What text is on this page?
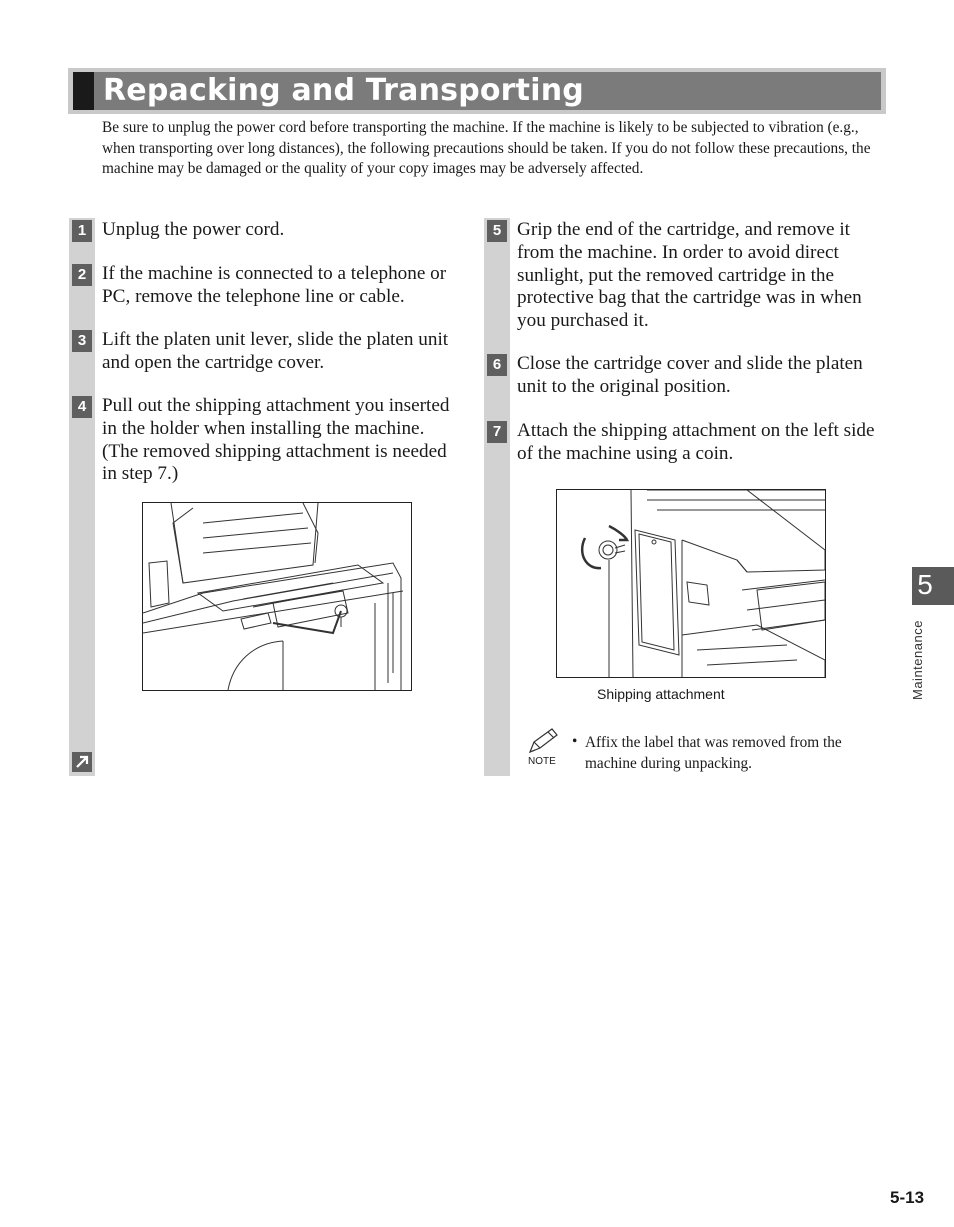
Repacking and Transporting
Be sure to unplug the power cord before transporting the machine. If the machine is likely to be subjected to vibration (e.g., when transporting over long distances), the following precautions should be taken. If you do not follow these precautions, the machine may be damaged or the quality of your copy images may be adversely affected.
1 Unplug the power cord.
2 If the machine is connected to a telephone or PC, remove the telephone line or cable.
3 Lift the platen unit lever, slide the platen unit and open the cartridge cover.
4 Pull out the shipping attachment you inserted in the holder when installing the machine. (The removed shipping attachment is needed in step 7.)
5 Grip the end of the cartridge, and remove it from the machine. In order to avoid direct sunlight, put the removed cartridge in the protective bag that the cartridge was in when you purchased it.
6 Close the cartridge cover and slide the platen unit to the original position.
7 Attach the shipping attachment on the left side of the machine using a coin.
Shipping attachment
NOTE
• Affix the label that was removed from the machine during unpacking.
5
Maintenance
5-13
